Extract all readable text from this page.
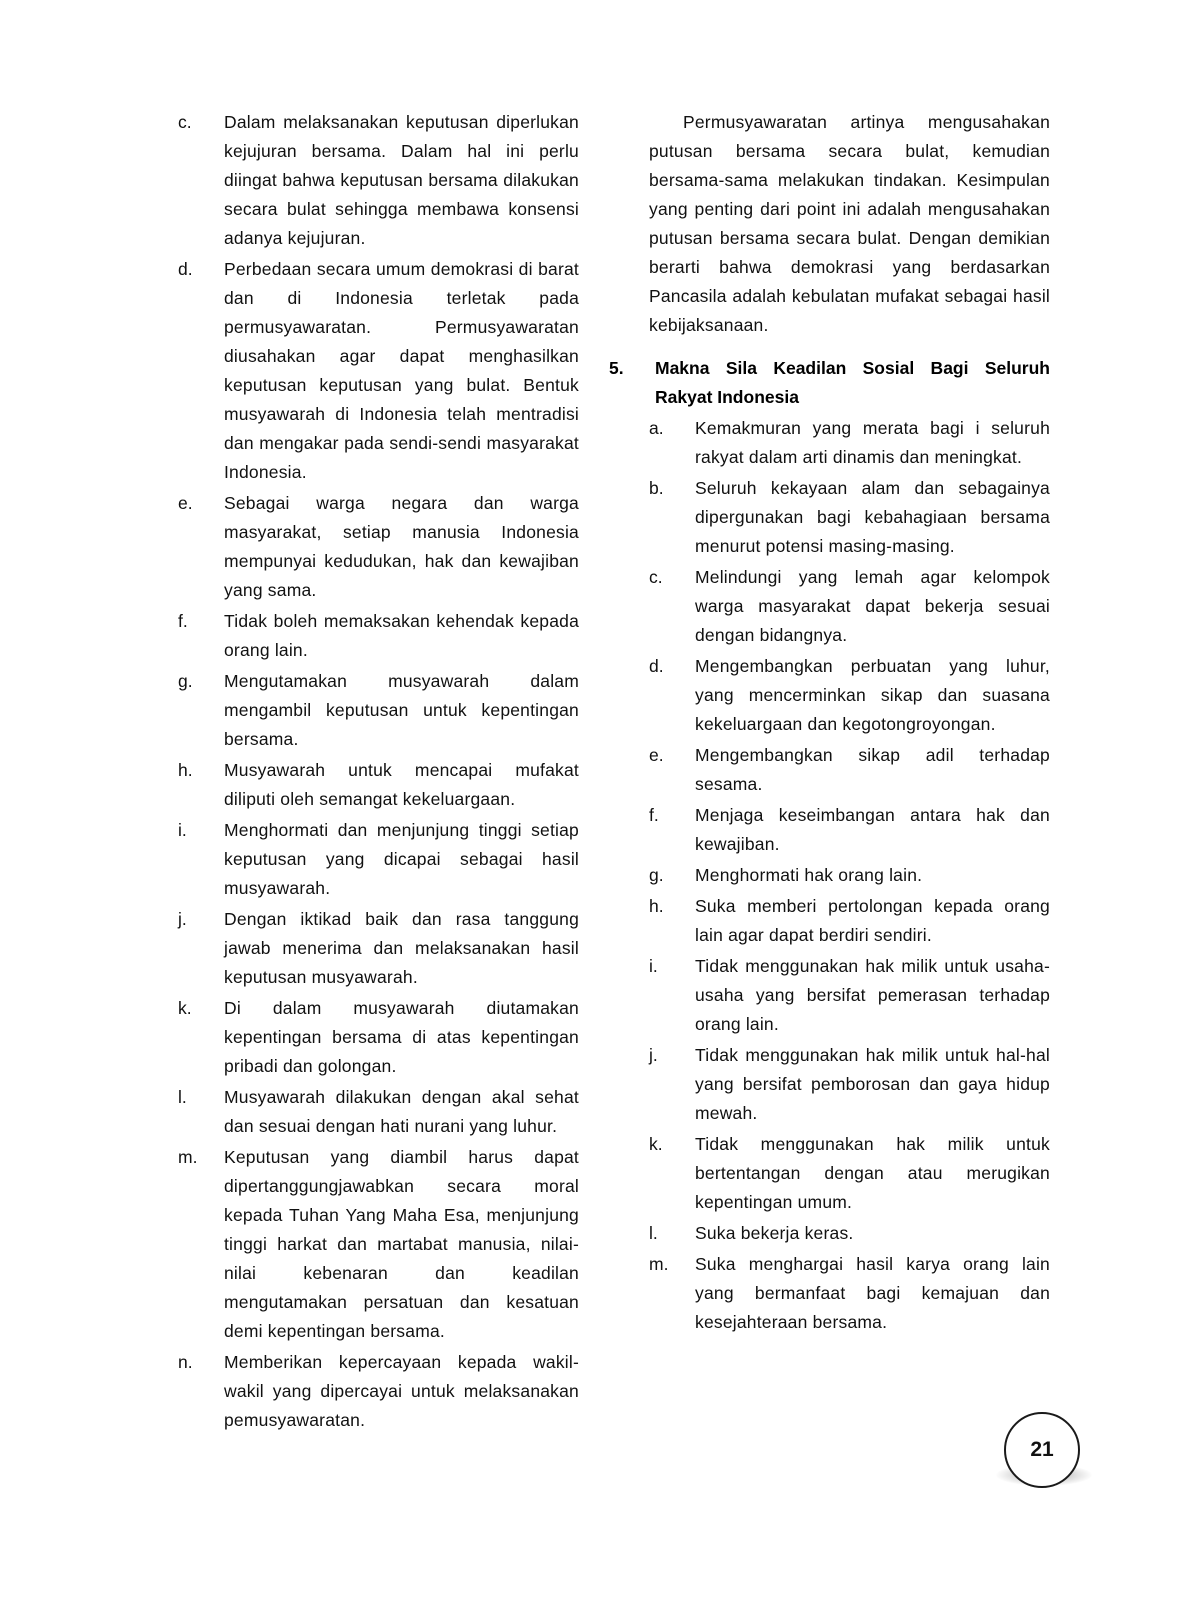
c.	Dalam melaksanakan keputusan diperlukan kejujuran bersama. Dalam hal ini perlu diingat bahwa keputusan bersama dilakukan secara bulat sehingga membawa konsensi adanya kejujuran.
d.	Perbedaan secara umum demokrasi di barat dan di Indonesia terletak pada permusyawaratan. Permusyawaratan diusahakan agar dapat menghasilkan keputusan keputusan yang bulat. Bentuk musyawarah di Indonesia telah mentradisi dan mengakar pada sendi-sendi masyarakat Indonesia.
e.	Sebagai warga negara dan warga masyarakat, setiap manusia Indonesia mempunyai kedudukan, hak dan kewajiban yang sama.
f.	Tidak boleh memaksakan kehendak kepada orang lain.
g.	Mengutamakan musyawarah dalam mengambil keputusan untuk kepentingan bersama.
h.	Musyawarah untuk mencapai mufakat diliputi oleh semangat kekeluargaan.
i.	Menghormati dan menjunjung tinggi setiap keputusan yang dicapai sebagai hasil musyawarah.
j.	Dengan iktikad baik dan rasa tanggung jawab menerima dan melaksanakan hasil keputusan musyawarah.
k.	Di dalam musyawarah diutamakan kepentingan bersama di atas kepentingan pribadi dan golongan.
l.	Musyawarah dilakukan dengan akal sehat dan sesuai dengan hati nurani yang luhur.
m.	Keputusan yang diambil harus dapat dipertanggungjawabkan secara moral kepada Tuhan Yang Maha Esa, menjunjung tinggi harkat dan martabat manusia, nilai-nilai kebenaran dan keadilan mengutamakan persatuan dan kesatuan demi kepentingan bersama.
n.	Memberikan kepercayaan kepada wakil-wakil yang dipercayai untuk melaksanakan pemusyawaratan.
Permusyawaratan artinya mengusahakan putusan bersama secara bulat, kemudian bersama-sama melakukan tindakan. Kesimpulan yang penting dari point ini adalah mengusahakan putusan bersama secara bulat. Dengan demikian berarti bahwa demokrasi yang berdasarkan Pancasila adalah kebulatan mufakat sebagai hasil kebijaksanaan.
5.	Makna Sila Keadilan Sosial Bagi Seluruh Rakyat Indonesia
a.	Kemakmuran yang merata bagi i seluruh rakyat dalam arti dinamis dan meningkat.
b.	Seluruh kekayaan alam dan sebagainya dipergunakan bagi kebahagiaan bersama menurut potensi masing-masing.
c.	Melindungi yang lemah agar kelompok warga masyarakat dapat bekerja sesuai dengan bidangnya.
d.	Mengembangkan perbuatan yang luhur, yang mencerminkan sikap dan suasana kekeluargaan dan kegotongroyongan.
e.	Mengembangkan sikap adil terhadap sesama.
f.	Menjaga keseimbangan antara hak dan kewajiban.
g.	Menghormati hak orang lain.
h.	Suka memberi pertolongan kepada orang lain agar dapat berdiri sendiri.
i.	Tidak menggunakan hak milik untuk usaha-usaha yang bersifat pemerasan terhadap orang lain.
j.	Tidak menggunakan hak milik untuk hal-hal yang bersifat pemborosan dan gaya hidup mewah.
k.	Tidak menggunakan hak milik untuk bertentangan dengan atau merugikan kepentingan umum.
l.	Suka bekerja keras.
m.	Suka menghargai hasil karya orang lain yang bermanfaat bagi kemajuan dan kesejahteraan bersama.
21
